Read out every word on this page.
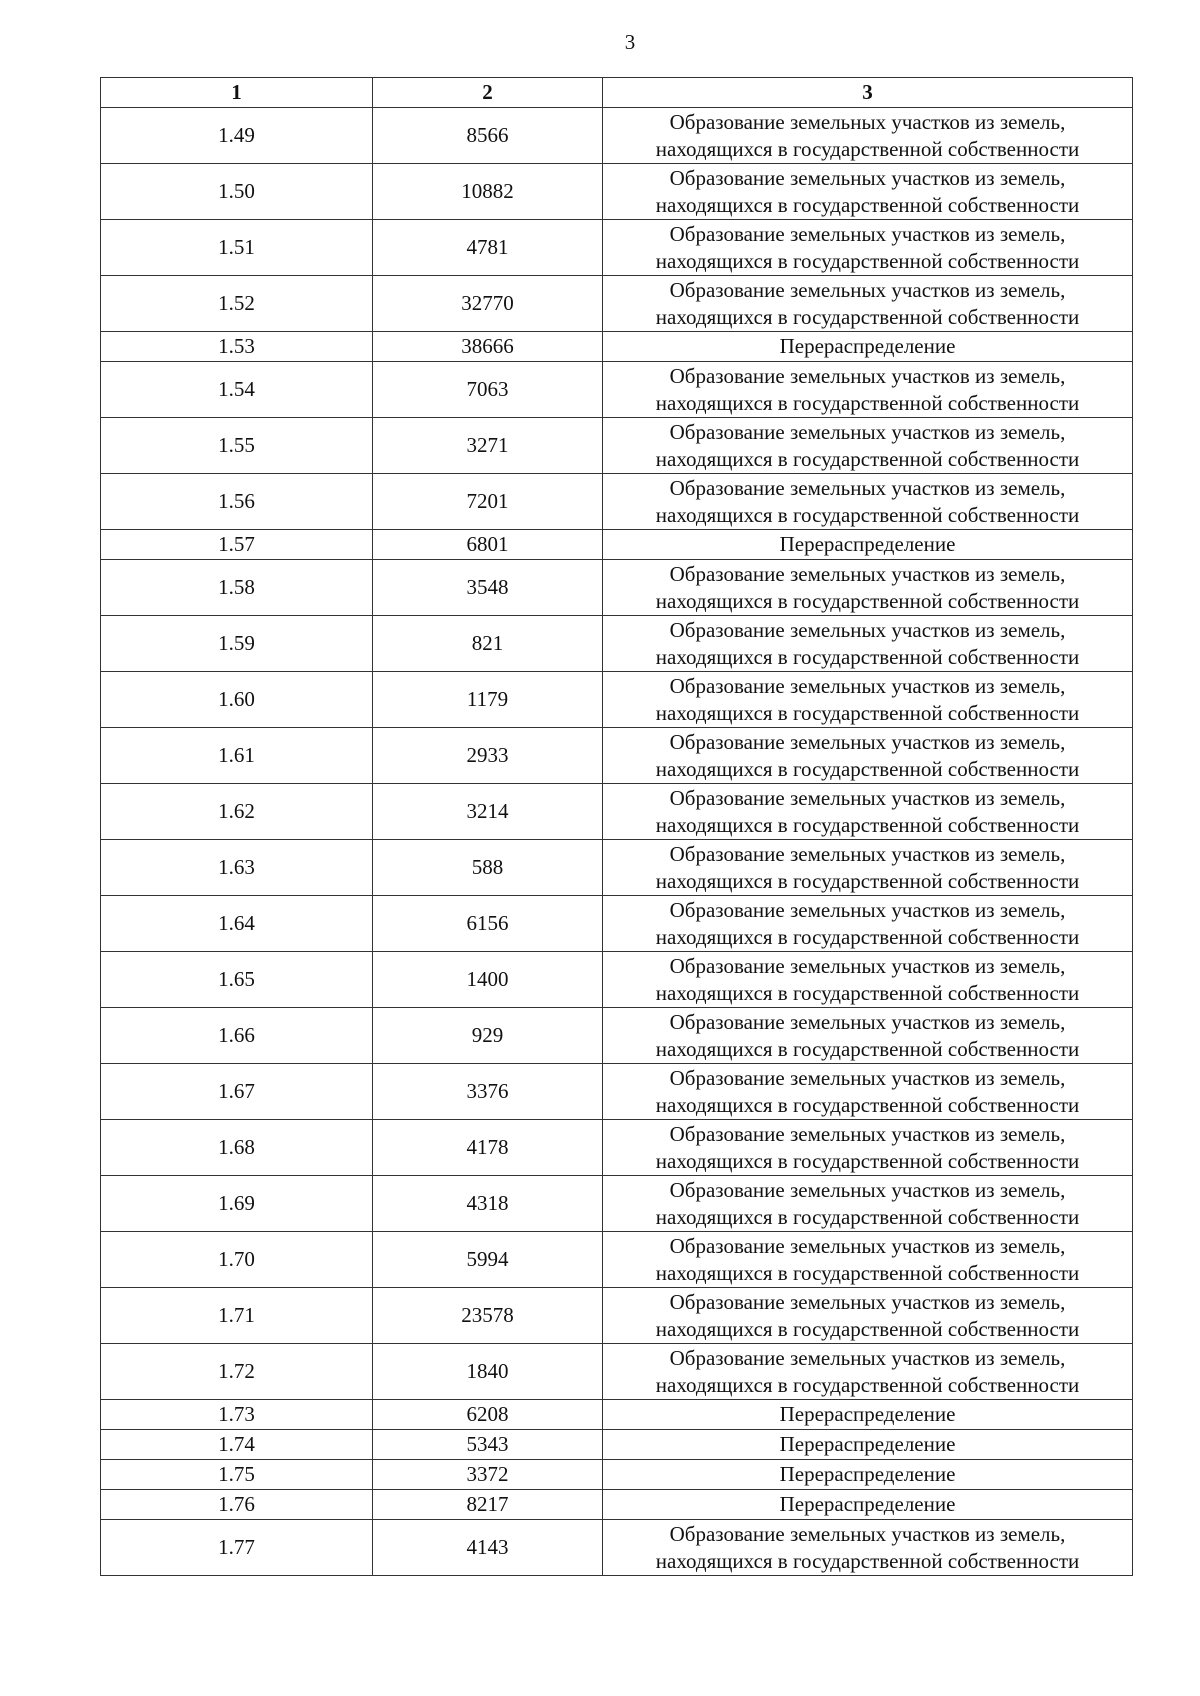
3
1	2	3
1.49	8566	Образование земельных участков из земель,
находящихся в государственной собственности

1.50	10882	Образование земельных участков из земель,
находящихся в государственной собственности

1.51	4781	Образование земельных участков из земель,
находящихся в государственной собственности

1.52	32770	Образование земельных участков из земель,
находящихся в государственной собственности

1.53	38666	Перераспределение

1.54	7063	Образование земельных участков из земель,
находящихся в государственной собственности

1.55	3271	Образование земельных участков из земель,
находящихся в государственной собственности

1.56	7201	Образование земельных участков из земель,
находящихся в государственной собственности

1.57	6801	Перераспределение

1.58	3548	Образование земельных участков из земель,
находящихся в государственной собственности

1.59	821	Образование земельных участков из земель,
находящихся в государственной собственности

1.60	1179	Образование земельных участков из земель,
находящихся в государственной собственности

1.61	2933	Образование земельных участков из земель,
находящихся в государственной собственности

1.62	3214	Образование земельных участков из земель,
находящихся в государственной собственности

1.63	588	Образование земельных участков из земель,
находящихся в государственной собственности

1.64	6156	Образование земельных участков из земель,
находящихся в государственной собственности

1.65	1400	Образование земельных участков из земель,
находящихся в государственной собственности

1.66	929	Образование земельных участков из земель,
находящихся в государственной собственности

1.67	3376	Образование земельных участков из земель,
находящихся в государственной собственности

1.68	4178	Образование земельных участков из земель,
находящихся в государственной собственности

1.69	4318	Образование земельных участков из земель,
находящихся в государственной собственности

1.70	5994	Образование земельных участков из земель,
находящихся в государственной собственности

1.71	23578	Образование земельных участков из земель,
находящихся в государственной собственности

1.72	1840	Образование земельных участков из земель,
находящихся в государственной собственности

1.73	6208	Перераспределение

1.74	5343	Перераспределение

1.75	3372	Перераспределение

1.76	8217	Перераспределение

1.77	4143	Образование земельных участков из земель,
находящихся в государственной собственности
